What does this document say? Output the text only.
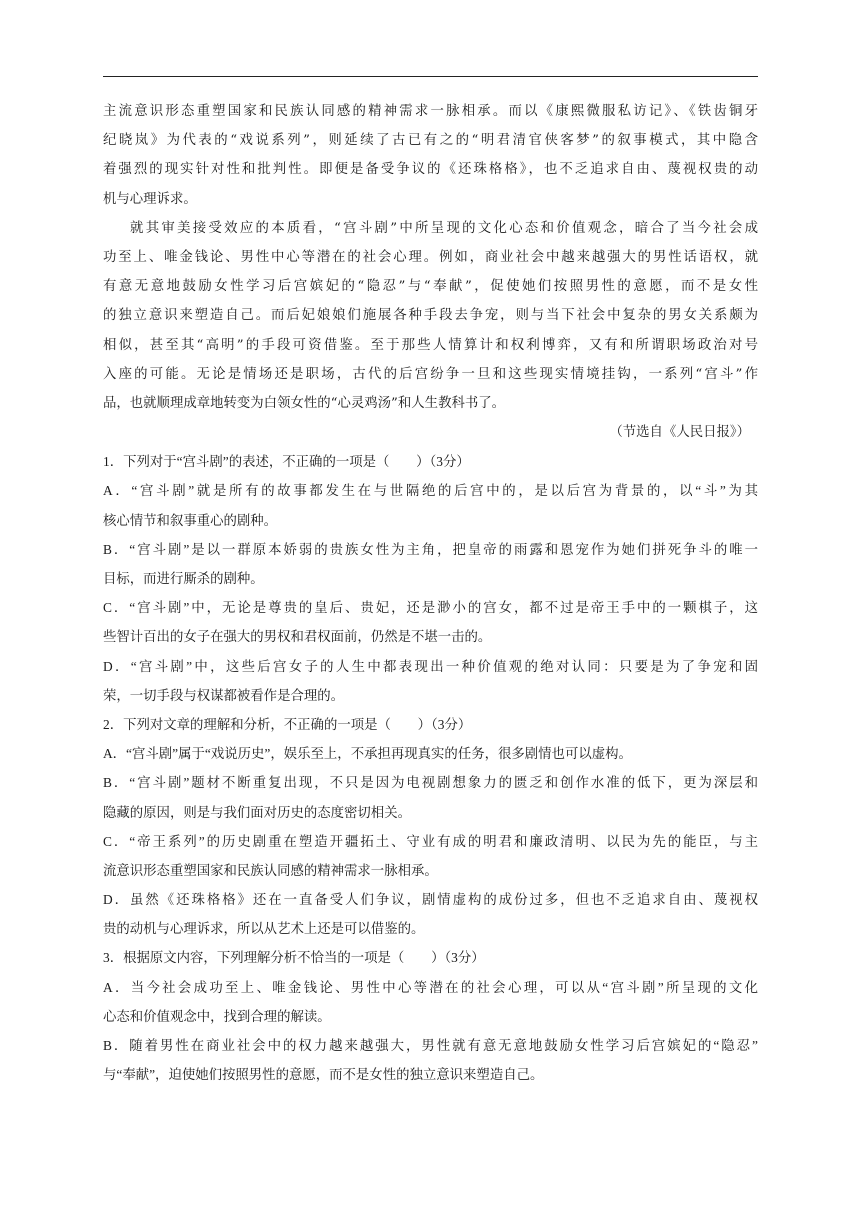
主流意识形态重塑国家和民族认同感的精神需求一脉相承。而以《康熙微服私访记》、《铁齿铜牙
纪晓岚》为代表的“戏说系列”，则延续了古已有之的“明君清官侠客梦”的叙事模式，其中隐含
着强烈的现实针对性和批判性。即便是备受争议的《还珠格格》，也不乏追求自由、蔑视权贵的动
机与心理诉求。
就其审美接受效应的本质看，“宫斗剧”中所呈现的文化心态和价值观念，暗合了当今社会成
功至上、唯金钱论、男性中心等潜在的社会心理。例如，商业社会中越来越强大的男性话语权，就
有意无意地鼓励女性学习后宫嫔妃的“隐忍”与“奉献”，促使她们按照男性的意愿，而不是女性
的独立意识来塑造自己。而后妃娘娘们施展各种手段去争宠，则与当下社会中复杂的男女关系颇为
相似，甚至其“高明”的手段可资借鉴。至于那些人情算计和权利博弈，又有和所谓职场政治对号
入座的可能。无论是情场还是职场，古代的后宫纷争一旦和这些现实情境挂钩，一系列“宫斗”作
品，也就顺理成章地转变为白领女性的“心灵鸡汤”和人生教科书了。
（节选自《人民日报》）
1．下列对于“宫斗剧”的表述，不正确的一项是（　　）（3分）
A．“宫斗剧”就是所有的故事都发生在与世隔绝的后宫中的，是以后宫为背景的，以“斗”为其
核心情节和叙事重心的剧种。
B．“宫斗剧”是以一群原本娇弱的贵族女性为主角，把皇帝的雨露和恩宠作为她们拼死争斗的唯一
目标，而进行厮杀的剧种。
C．“宫斗剧”中，无论是尊贵的皇后、贵妃，还是渺小的宫女，都不过是帝王手中的一颗棋子，这
些智计百出的女子在强大的男权和君权面前，仍然是不堪一击的。
D．“宫斗剧”中，这些后宫女子的人生中都表现出一种价值观的绝对认同：只要是为了争宠和固
荣，一切手段与权谋都被看作是合理的。
2．下列对文章的理解和分析，不正确的一项是（　　）（3分）
A．“宫斗剧”属于“戏说历史”，娱乐至上，不承担再现真实的任务，很多剧情也可以虚构。
B．“宫斗剧”题材不断重复出现，不只是因为电视剧想象力的匮乏和创作水准的低下，更为深层和
隐藏的原因，则是与我们面对历史的态度密切相关。
C．“帝王系列”的历史剧重在塑造开疆拓土、守业有成的明君和廉政清明、以民为先的能臣，与主
流意识形态重塑国家和民族认同感的精神需求一脉相承。
D．虽然《还珠格格》还在一直备受人们争议，剧情虚构的成份过多，但也不乏追求自由、蔑视权
贵的动机与心理诉求，所以从艺术上还是可以借鉴的。
3．根据原文内容，下列理解分析不恰当的一项是（　　）（3分）
A．当今社会成功至上、唯金钱论、男性中心等潜在的社会心理，可以从“宫斗剧”所呈现的文化
心态和价值观念中，找到合理的解读。
B．随着男性在商业社会中的权力越来越强大，男性就有意无意地鼓励女性学习后宫嫔妃的“隐忍”
与“奉献”，迫使她们按照男性的意愿，而不是女性的独立意识来塑造自己。
